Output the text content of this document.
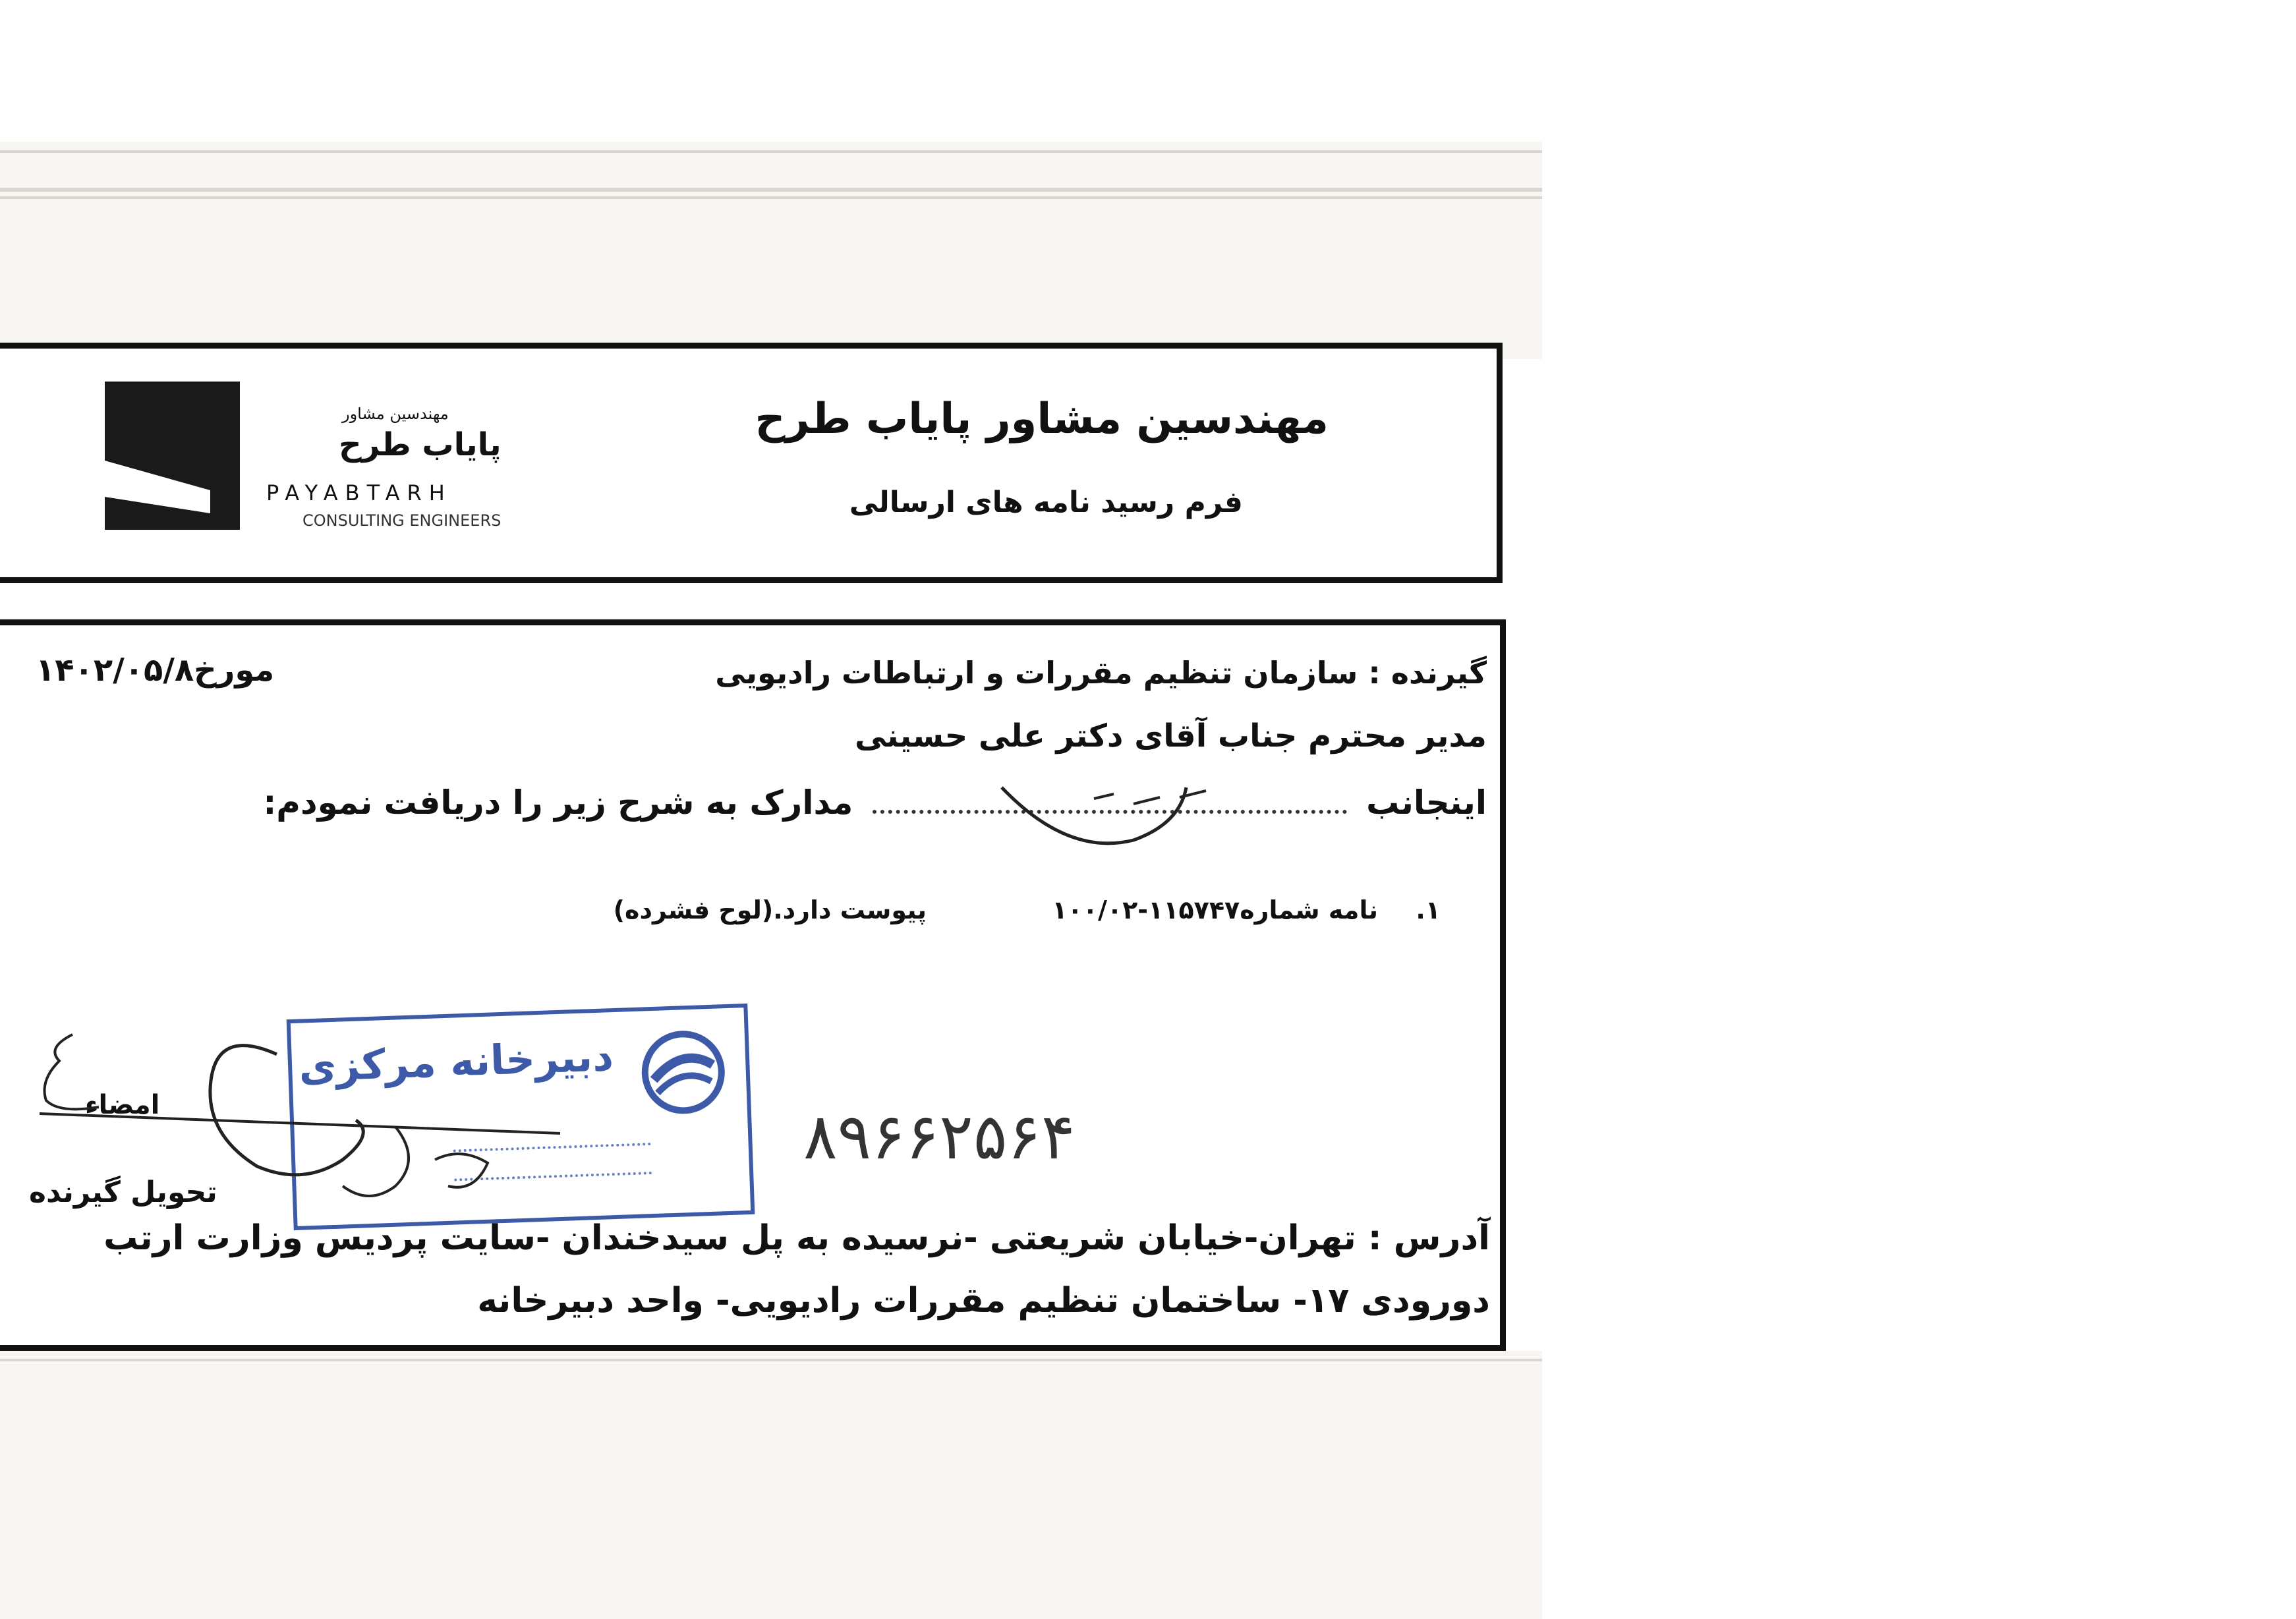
مهندسین مشاور پایاب طرح
فرم رسید نامه های ارسالی
مهندسین مشاور
پایاب طرح
PAYABTARH
CONSULTING ENGINEERS
گیرنده : سازمان تنظیم مقررات و ارتباطات رادیویی
مورخ۱۴۰۲/۰۵/۸
مدیر محترم جناب آقای دکتر علی حسینی
اینجانب  مدارک به شرح زیر را دریافت نمودم:
۱.
نامه شماره۱۱۵۷۴۷-۱۰۰/۰۲
پیوست دارد.(لوح فشرده)
امضاء
تحویل گیرنده
۸۹۶۶۲۵۶۴
آدرس : تهران-خیابان شریعتی -نرسیده به پل سیدخندان -سایت پردیس وزارت ارتب
دورودی ۱۷- ساختمان تنظیم مقررات رادیویی- واحد دبیرخانه
دبیرخانه مرکزی
